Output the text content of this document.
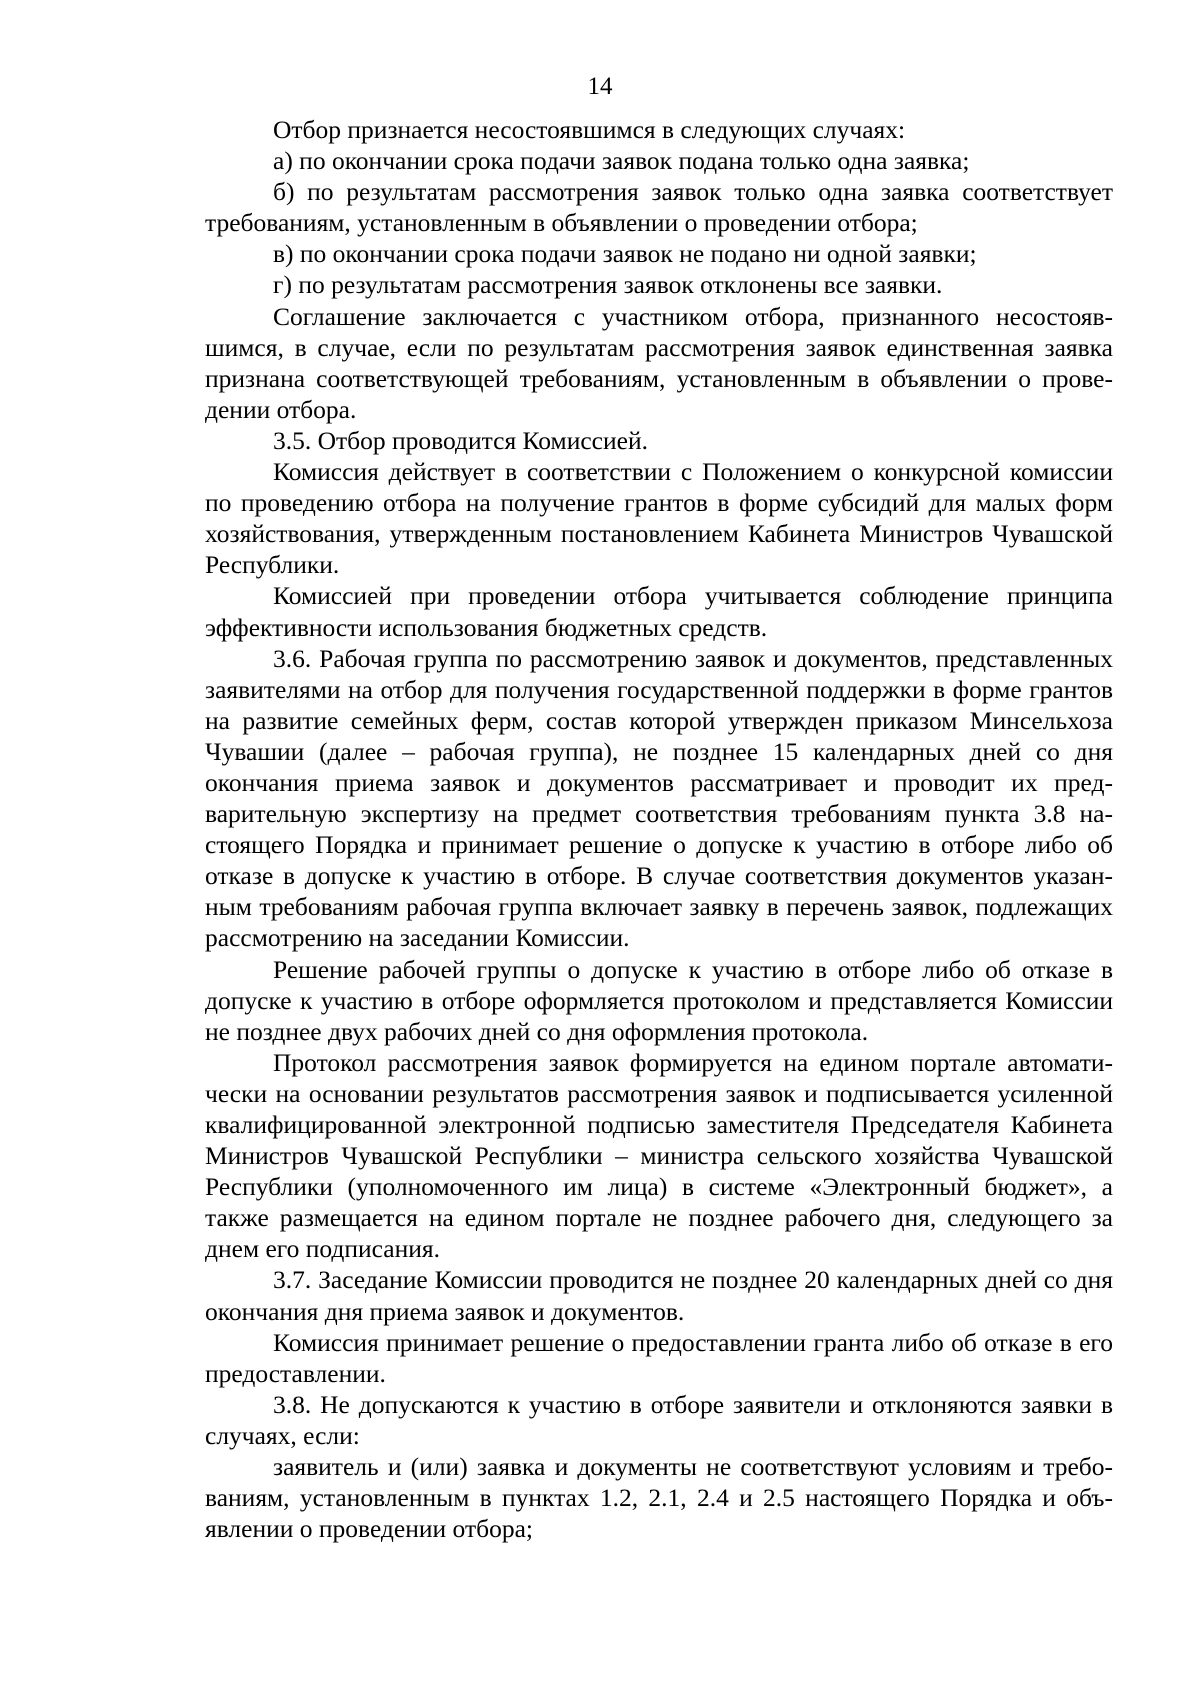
14

Отбор признается несостоявшимся в следующих случаях:

а) по окончании срока подачи заявок подана только одна заявка;

б) по результатам рассмотрения заявок только одна заявка соответствует требованиям, установленным в объявлении о проведении отбора;

в) по окончании срока подачи заявок не подано ни одной заявки;

г) по результатам рассмотрения заявок отклонены все заявки.

Соглашение заключается с участником отбора, признанного несостоявшимся, в случае, если по результатам рассмотрения заявок единственная заявка признана соответствующей требованиям, установленным в объявлении о проведении отбора.

3.5. Отбор проводится Комиссией.

Комиссия действует в соответствии с Положением о конкурсной комиссии по проведению отбора на получение грантов в форме субсидий для малых форм хозяйствования, утвержденным постановлением Кабинета Министров Чувашской Республики.

Комиссией при проведении отбора учитывается соблюдение принципа эффективности использования бюджетных средств.

3.6. Рабочая группа по рассмотрению заявок и документов, представленных заявителями на отбор для получения государственной поддержки в форме грантов на развитие семейных ферм, состав которой утвержден приказом Минсельхоза Чувашии (далее – рабочая группа), не позднее 15 календарных дней со дня окончания приема заявок и документов рассматривает и проводит их предварительную экспертизу на предмет соответствия требованиям пункта 3.8 настоящего Порядка и принимает решение о допуске к участию в отборе либо об отказе в допуске к участию в отборе. В случае соответствия документов указанным требованиям рабочая группа включает заявку в перечень заявок, подлежащих рассмотрению на заседании Комиссии.

Решение рабочей группы о допуске к участию в отборе либо об отказе в допуске к участию в отборе оформляется протоколом и представляется Комиссии не позднее двух рабочих дней со дня оформления протокола.

Протокол рассмотрения заявок формируется на едином портале автоматически на основании результатов рассмотрения заявок и подписывается усиленной квалифицированной электронной подписью заместителя Председателя Кабинета Министров Чувашской Республики – министра сельского хозяйства Чувашской Республики (уполномоченного им лица) в системе «Электронный бюджет», а также размещается на едином портале не позднее рабочего дня, следующего за днем его подписания.

3.7. Заседание Комиссии проводится не позднее 20 календарных дней со дня окончания дня приема заявок и документов.

Комиссия принимает решение о предоставлении гранта либо об отказе в его предоставлении.

3.8. Не допускаются к участию в отборе заявители и отклоняются заявки в случаях, если:

заявитель и (или) заявка и документы не соответствуют условиям и требованиям, установленным в пунктах 1.2, 2.1, 2.4 и 2.5 настоящего Порядка и объявлении о проведении отбора;
